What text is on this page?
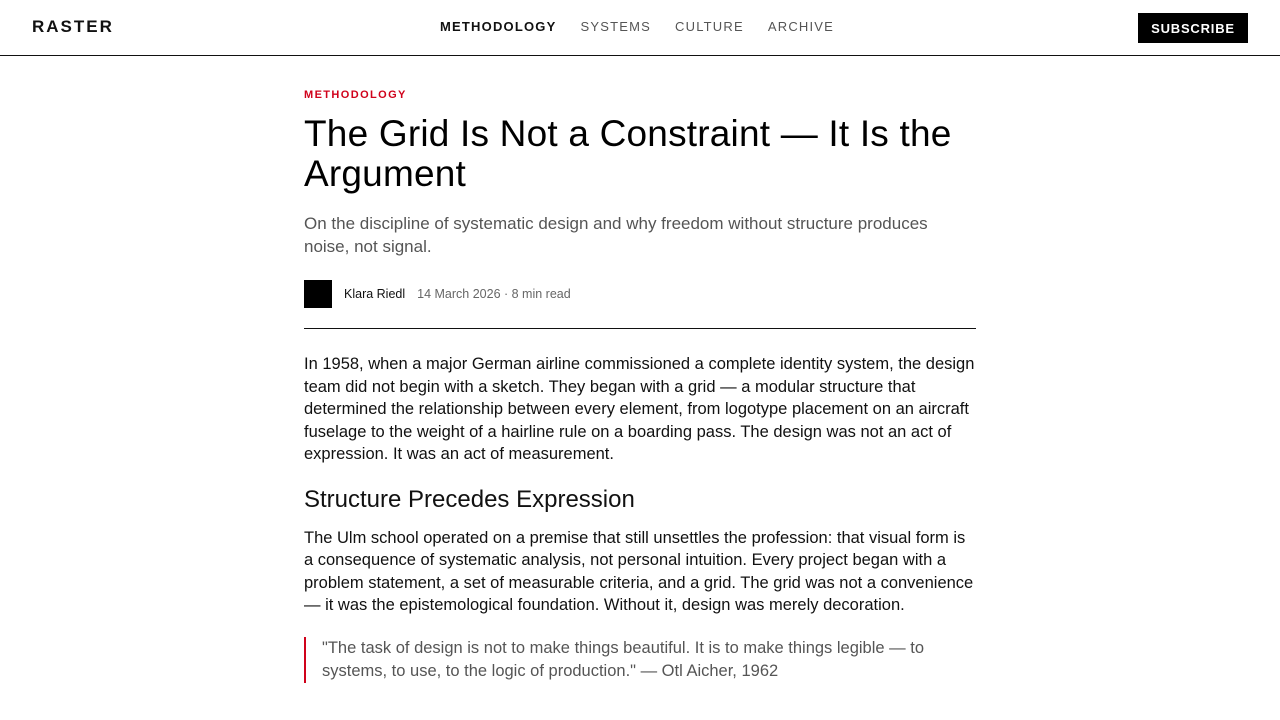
RASTER	METHODOLOGY SYSTEMS CULTURE ARCHIVE	SUBSCRIBE
METHODOLOGY
The Grid Is Not a Constraint — It Is the Argument

On the discipline of systematic design and why freedom without structure produces noise, not signal.

Klara Riedl 14 March 2026 · 8 min read

In 1958, when a major German airline commissioned a complete identity system, the design team did not begin with a sketch. They began with a grid — a modular structure that determined the relationship between every element, from logotype placement on an aircraft fuselage to the weight of a hairline rule on a boarding pass. The design was not an act of expression. It was an act of measurement.

Structure Precedes Expression

The Ulm school operated on a premise that still unsettles the profession: that visual form is a consequence of systematic analysis, not personal intuition. Every project began with a problem statement, a set of measurable criteria, and a grid. The grid was not a convenience — it was the epistemological foundation. Without it, design was merely decoration.

"The task of design is not to make things beautiful. It is to make things legible — to systems, to use, to the logic of production." — Otl Aicher, 1962
